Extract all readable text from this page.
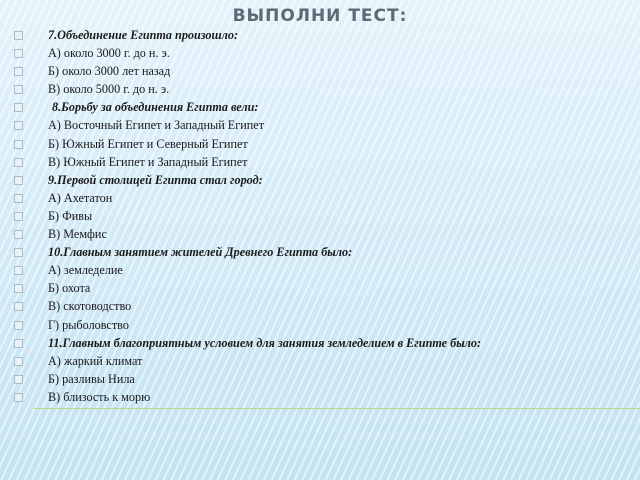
ВЫПОЛНИ ТЕСТ:
7.Объединение Египта произошло:
А) около 3000 г. до н. э.
Б) около 3000 лет назад
В) около 5000 г. до н. э.
8.Борьбу за объединения Египта вели:
А) Восточный Египет и Западный Египет
Б) Южный Египет и Северный Египет
В) Южный Египет и Западный Египет
9.Первой столицей Египта стал город:
А) Ахетатон
Б) Фивы
В) Мемфис
10.Главным занятием жителей Древнего Египта было:
А) земледелие
Б) охота
В) скотоводство
Г) рыболовство
11.Главным благоприятным условием для занятия земледелием в Египте было:
А) жаркий климат
Б) разливы Нила
В) близость к морю
